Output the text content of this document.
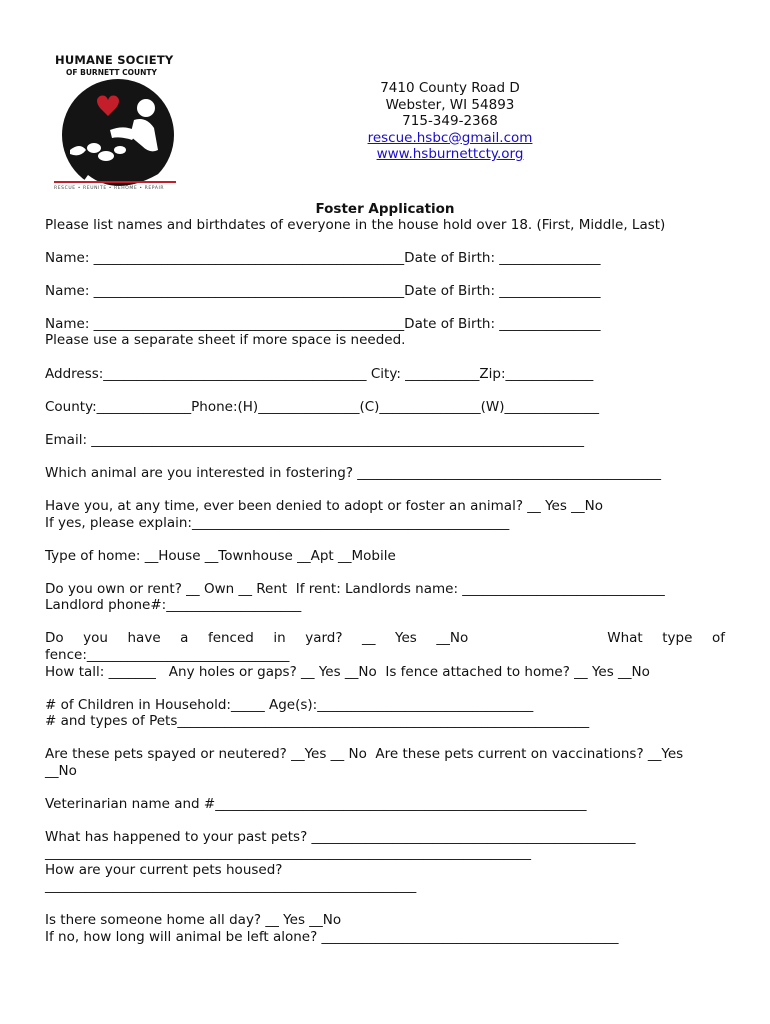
HUMANE SOCIETY
OF BURNETT COUNTY
RESCUE • REUNITE • REHOME • REPAIR
7410 County Road D
Webster, WI 54893
715-349-2368
rescue.hsbc@gmail.com
www.hsburnettcty.org
Foster Application
Please list names and birthdates of everyone in the house hold over 18. (First, Middle, Last)
Name: ______________________________________________Date of Birth: _______________
Name: ______________________________________________Date of Birth: _______________
Name: ______________________________________________Date of Birth: _______________
Please use a separate sheet if more space is needed.
Address:_______________________________________ City: ___________Zip:_____________
County:______________Phone:(H)_______________(C)_______________(W)______________
Email: _________________________________________________________________________
Which animal are you interested in fostering? _____________________________________________
Have you, at any time, ever been denied to adopt or foster an animal? __ Yes __No
If yes, please explain:_______________________________________________
Type of home: __House __Townhouse __Apt __Mobile
Do you own or rent? __ Own __ Rent  If rent: Landlords name: ______________________________
Landlord phone#:____________________
Do you have a fenced in yard? __ Yes __No	What type of
fence:______________________________
How tall: _______   Any holes or gaps? __ Yes __No  Is fence attached to home? __ Yes __No
# of Children in Household:_____ Age(s):________________________________
# and types of Pets_____________________________________________________________
Are these pets spayed or neutered? __Yes __ No  Are these pets current on vaccinations? __Yes
__No
Veterinarian name and #_______________________________________________________
What has happened to your past pets? ________________________________________________
________________________________________________________________________
How are your current pets housed?
_______________________________________________________
Is there someone home all day? __ Yes __No
If no, how long will animal be left alone? ____________________________________________
